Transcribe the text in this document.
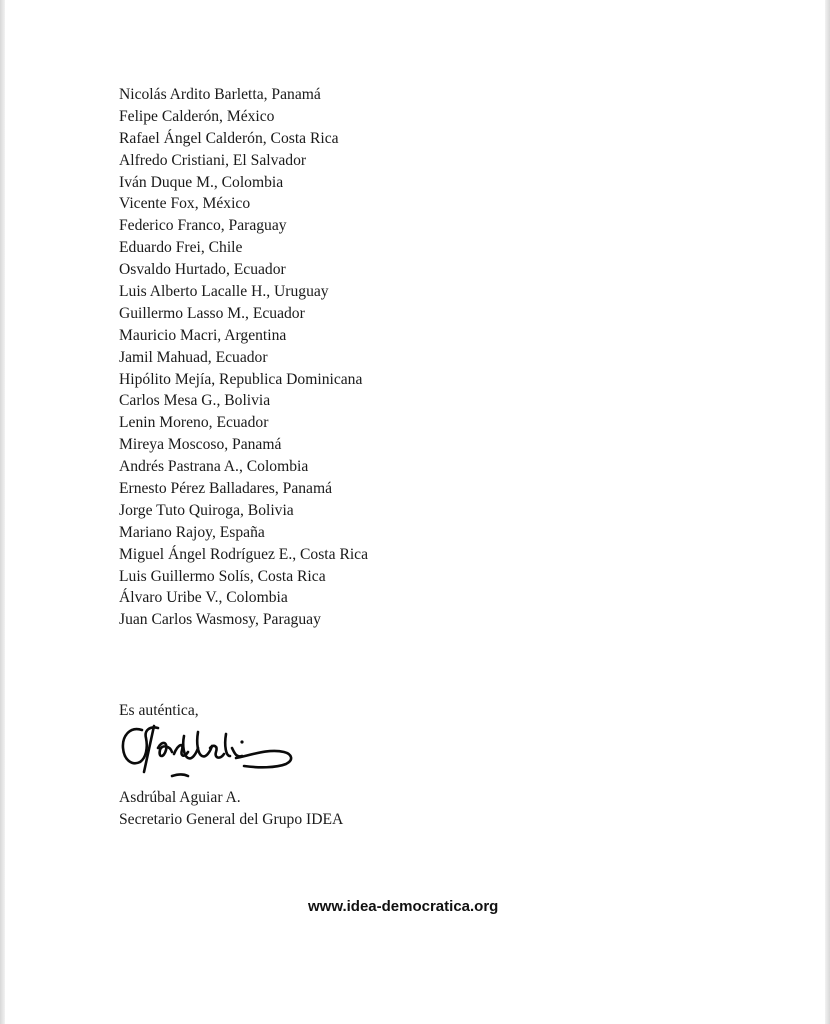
Nicolás Ardito Barletta, Panamá
Felipe Calderón, México
Rafael Ángel Calderón, Costa Rica
Alfredo Cristiani, El Salvador
Iván Duque M., Colombia
Vicente Fox, México
Federico Franco, Paraguay
Eduardo Frei, Chile
Osvaldo Hurtado, Ecuador
Luis Alberto Lacalle H., Uruguay
Guillermo Lasso M., Ecuador
Mauricio Macri, Argentina
Jamil Mahuad, Ecuador
Hipólito Mejía, Republica Dominicana
Carlos Mesa G., Bolivia
Lenin Moreno, Ecuador
Mireya Moscoso, Panamá
Andrés Pastrana A., Colombia
Ernesto Pérez Balladares, Panamá
Jorge Tuto Quiroga, Bolivia
Mariano Rajoy, España
Miguel Ángel Rodríguez E., Costa Rica
Luis Guillermo Solís, Costa Rica
Álvaro Uribe V., Colombia
Juan Carlos Wasmosy, Paraguay
Es auténtica,
Asdrúbal Aguiar A.
Secretario General del Grupo IDEA
www.idea-democratica.org
